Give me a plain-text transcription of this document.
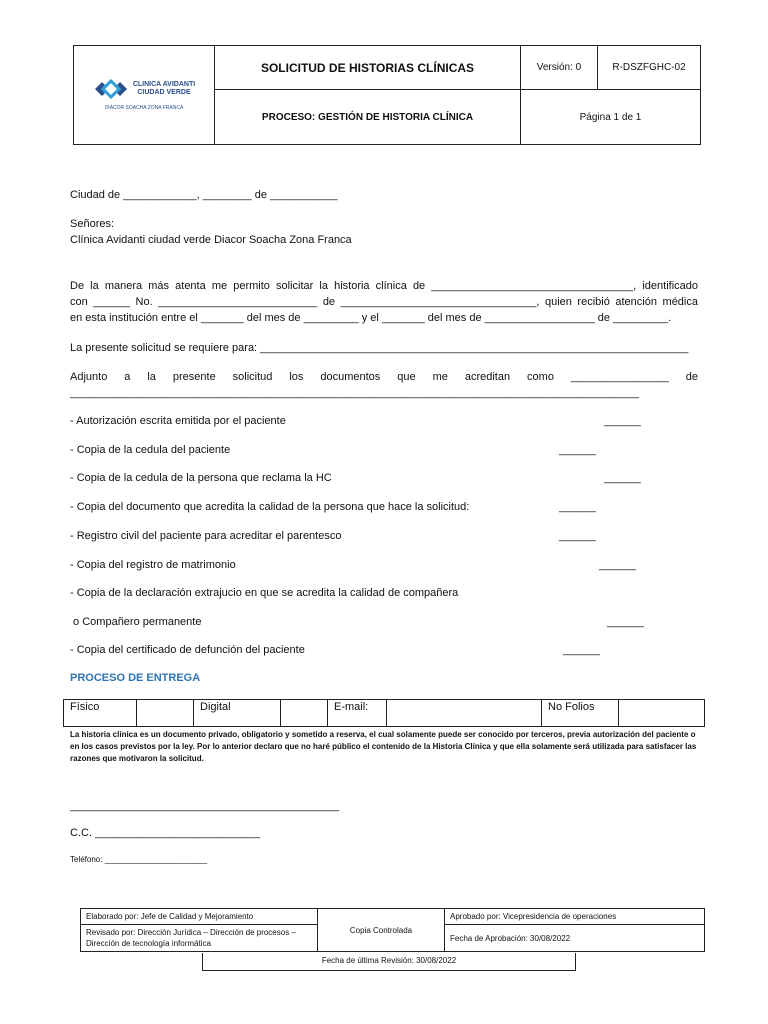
CLINICA AVIDANTI
CIUDAD VERDE
DIACOR SOACHA ZONA FRANCA	SOLICITUD DE HISTORIAS CLÍNICAS	Versión: 0	R-DSZFGHC-02
	PROCESO: GESTIÓN DE HISTORIA CLÍNICA	Página 1 de 1	
Ciudad de ____________, ________ de ___________
Señores:
Clínica Avidanti ciudad verde Diacor Soacha Zona Franca
De la manera más atenta me permito solicitar la historia clínica de _________________________________, identificado
con ______ No. __________________________ de ________________________________, quien recibió atención médica
en esta institución entre el _______ del mes de _________ y el _______ del mes de __________________ de _________.
La presente solicitud se requiere para: ______________________________________________________________________
Adjunto a la presente solicitud los documentos que me acreditan como ________________ de
_____________________________________________________________________________________________
- Autorización escrita emitida por el paciente	______
- Copia de la cedula del paciente	______
- Copia de la cedula de la persona que reclama la HC	______
- Copia del documento que acredita la calidad de la persona que hace la solicitud:	______
- Registro civil del paciente para acreditar el parentesco	______
- Copia del registro de matrimonio	______
- Copia de la declaración extrajucio en que se acredita la calidad de compañera
o Compañero permanente	______
- Copia del certificado de defunción del paciente	______
PROCESO DE ENTREGA
Físico		Digital		E-mail:		No Folios	
La historia clínica es un documento privado, obligatorio y sometido a reserva, el cual solamente puede ser conocido por terceros, previa autorización del paciente o en los casos previstos por la ley. Por lo anterior declaro que no haré público el contenido de la Historia Clínica y que ella solamente será utilizada para satisfacer las razones que motivaron la solicitud.
____________________________________________
C.C. ___________________________
Teléfono: _______________________
Elaborado por: Jefe de Calidad y Mejoramiento	Copia Controlada	Aprobado por: Vicepresidencia de operaciones
Revisado por: Dirección Jurídica – Dirección de procesos – Dirección de tecnología informática		Fecha de Aprobación: 30/08/2022
Fecha de última Revisión: 30/08/2022
